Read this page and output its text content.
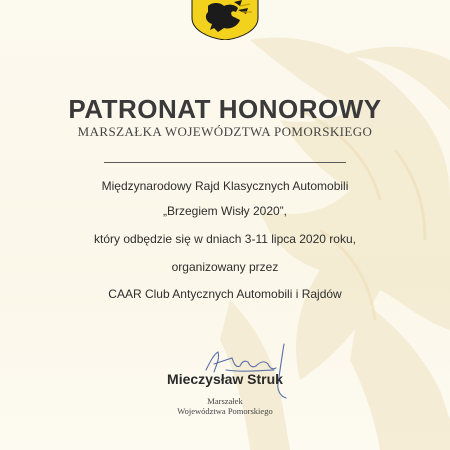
PATRONAT HONOROWY
MARSZAŁKA WOJEWÓDZTWA POMORSKIEGO
Międzynarodowy Rajd Klasycznych Automobili
„Brzegiem Wisły 2020”,
który odbędzie się w dniach 3-11 lipca 2020 roku,
organizowany przez
CAAR Club Antycznych Automobili i Rajdów
Mieczysław Struk
Marszałek
Województwa Pomorskiego
